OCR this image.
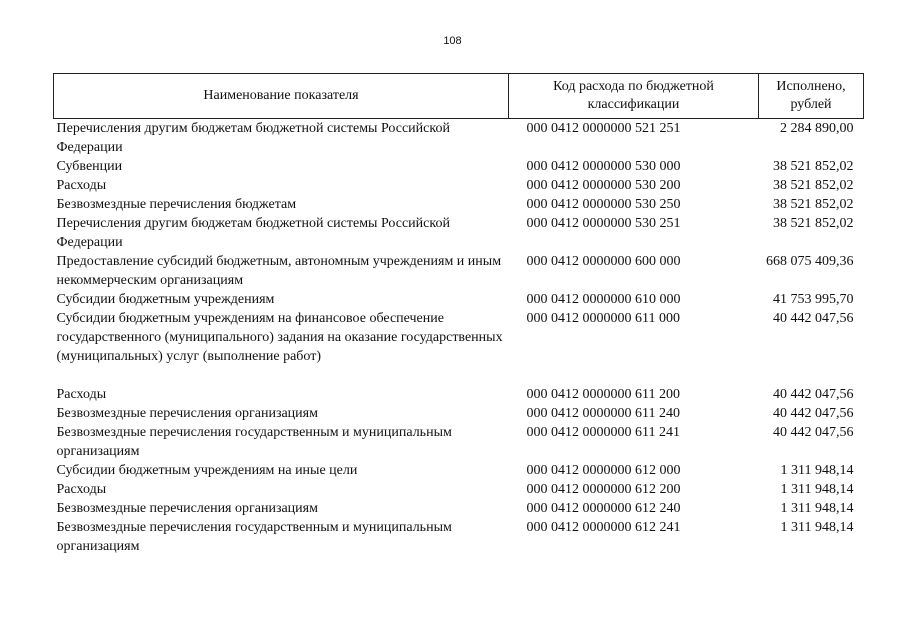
108
Наименование показателя	Код расхода по бюджетной классификации	Исполнено, рублей
Перечисления другим бюджетам бюджетной системы Российской Федерации	000 0412 0000000 521 251	2 284 890,00
Субвенции	000 0412 0000000 530 000	38 521 852,02
Расходы	000 0412 0000000 530 200	38 521 852,02
Безвозмездные перечисления бюджетам	000 0412 0000000 530 250	38 521 852,02
Перечисления другим бюджетам бюджетной системы Российской Федерации	000 0412 0000000 530 251	38 521 852,02
Предоставление субсидий бюджетным, автономным учреждениям и иным некоммерческим организациям	000 0412 0000000 600 000	668 075 409,36
Субсидии бюджетным учреждениям	000 0412 0000000 610 000	41 753 995,70
Субсидии бюджетным учреждениям на финансовое обеспечение государственного (муниципального) задания на оказание государственных (муниципальных) услуг (выполнение работ)	000 0412 0000000 611 000	40 442 047,56
Расходы	000 0412 0000000 611 200	40 442 047,56
Безвозмездные перечисления организациям	000 0412 0000000 611 240	40 442 047,56
Безвозмездные перечисления государственным и муниципальным организациям	000 0412 0000000 611 241	40 442 047,56
Субсидии бюджетным учреждениям на иные цели	000 0412 0000000 612 000	1 311 948,14
Расходы	000 0412 0000000 612 200	1 311 948,14
Безвозмездные перечисления организациям	000 0412 0000000 612 240	1 311 948,14
Безвозмездные перечисления государственным и муниципальным организациям	000 0412 0000000 612 241	1 311 948,14
